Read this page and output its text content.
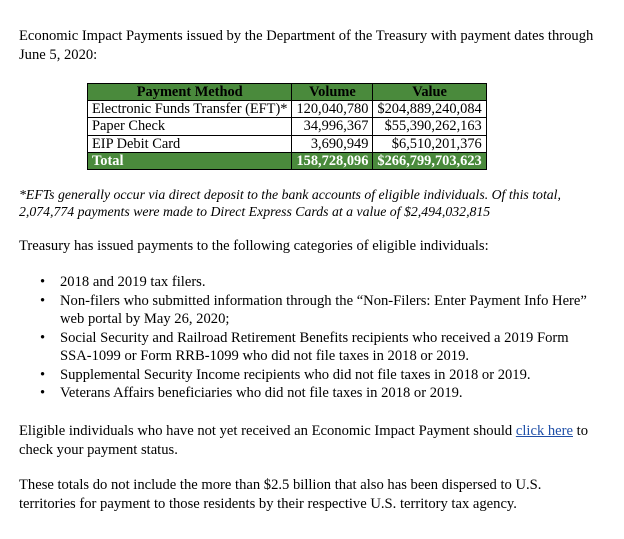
Economic Impact Payments issued by the Department of the Treasury with payment dates through June 5, 2020:

Payment Method	Volume	Value
Electronic Funds Transfer (EFT)*	120,040,780	$204,889,240,084
Paper Check	34,996,367	$55,390,262,163
EIP Debit Card	3,690,949	$6,510,201,376
Total	158,728,096	$266,799,703,623

*EFTs generally occur via direct deposit to the bank accounts of eligible individuals. Of this total, 2,074,774 payments were made to Direct Express Cards at a value of $2,494,032,815

Treasury has issued payments to the following categories of eligible individuals:

• 2018 and 2019 tax filers.
• Non-filers who submitted information through the “Non-Filers: Enter Payment Info Here” web portal by May 26, 2020;
• Social Security and Railroad Retirement Benefits recipients who received a 2019 Form SSA-1099 or Form RRB-1099 who did not file taxes in 2018 or 2019.
• Supplemental Security Income recipients who did not file taxes in 2018 or 2019.
• Veterans Affairs beneficiaries who did not file taxes in 2018 or 2019.

Eligible individuals who have not yet received an Economic Impact Payment should click here to check your payment status.

These totals do not include the more than $2.5 billion that also has been dispersed to U.S. territories for payment to those residents by their respective U.S. territory tax agency.
